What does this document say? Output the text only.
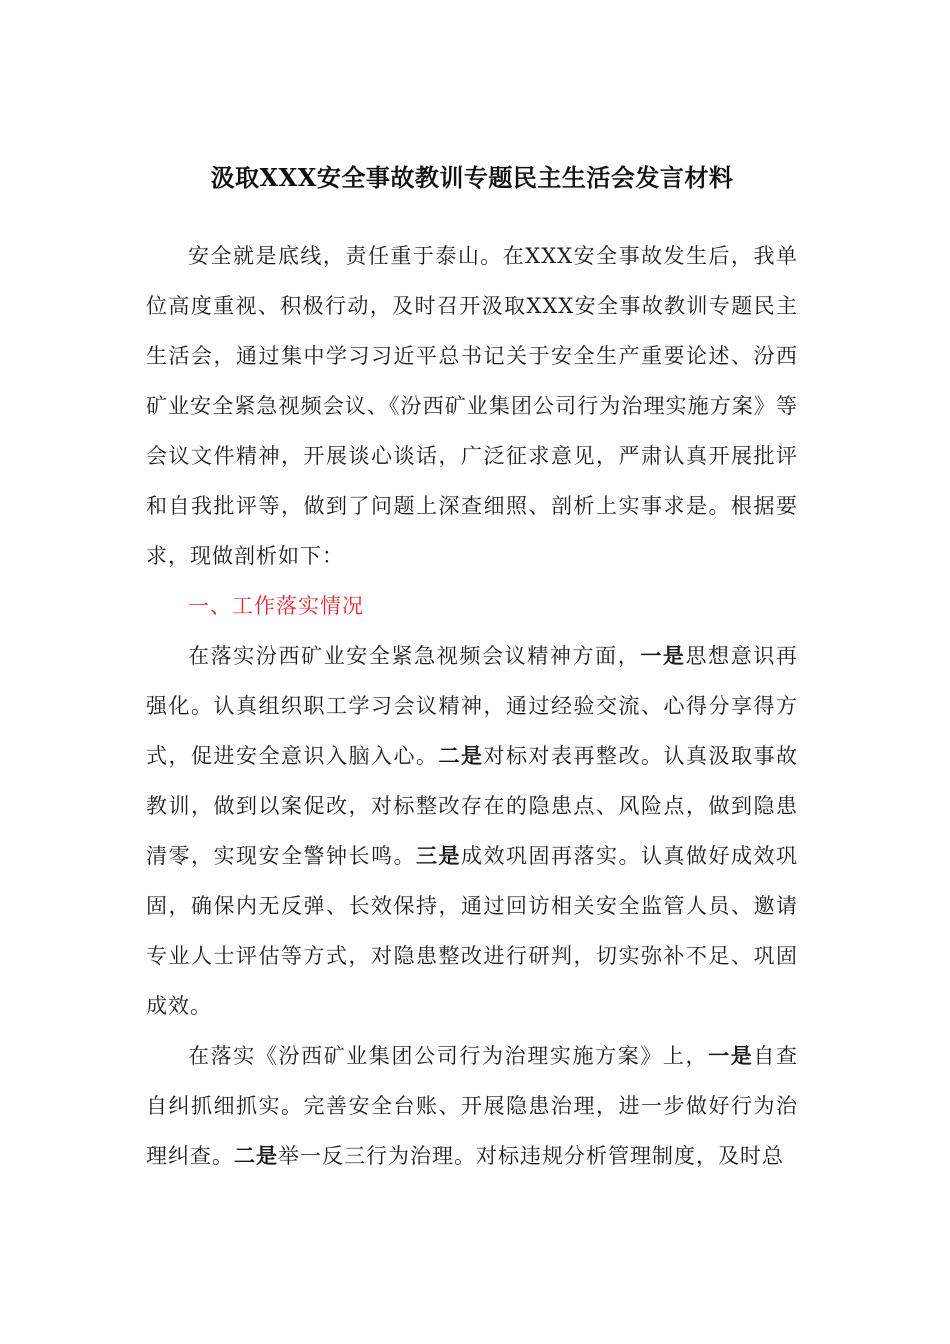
汲取XXX安全事故教训专题民主生活会发言材料

安全就是底线，责任重于泰山。在XXX安全事故发生后，我单位高度重视、积极行动，及时召开汲取XXX安全事故教训专题民主生活会，通过集中学习习近平总书记关于安全生产重要论述、汾西矿业安全紧急视频会议、《汾西矿业集团公司行为治理实施方案》等会议文件精神，开展谈心谈话，广泛征求意见，严肃认真开展批评和自我批评等，做到了问题上深查细照、剖析上实事求是。根据要求，现做剖析如下：

一、工作落实情况

在落实汾西矿业安全紧急视频会议精神方面，一是思想意识再强化。认真组织职工学习会议精神，通过经验交流、心得分享得方式，促进安全意识入脑入心。二是对标对表再整改。认真汲取事故教训，做到以案促改，对标整改存在的隐患点、风险点，做到隐患清零，实现安全警钟长鸣。三是成效巩固再落实。认真做好成效巩固，确保内无反弹、长效保持，通过回访相关安全监管人员、邀请专业人士评估等方式，对隐患整改进行研判，切实弥补不足、巩固成效。

在落实《汾西矿业集团公司行为治理实施方案》上，一是自查自纠抓细抓实。完善安全台账、开展隐患治理，进一步做好行为治理纠查。二是举一反三行为治理。对标违规分析管理制度，及时总
